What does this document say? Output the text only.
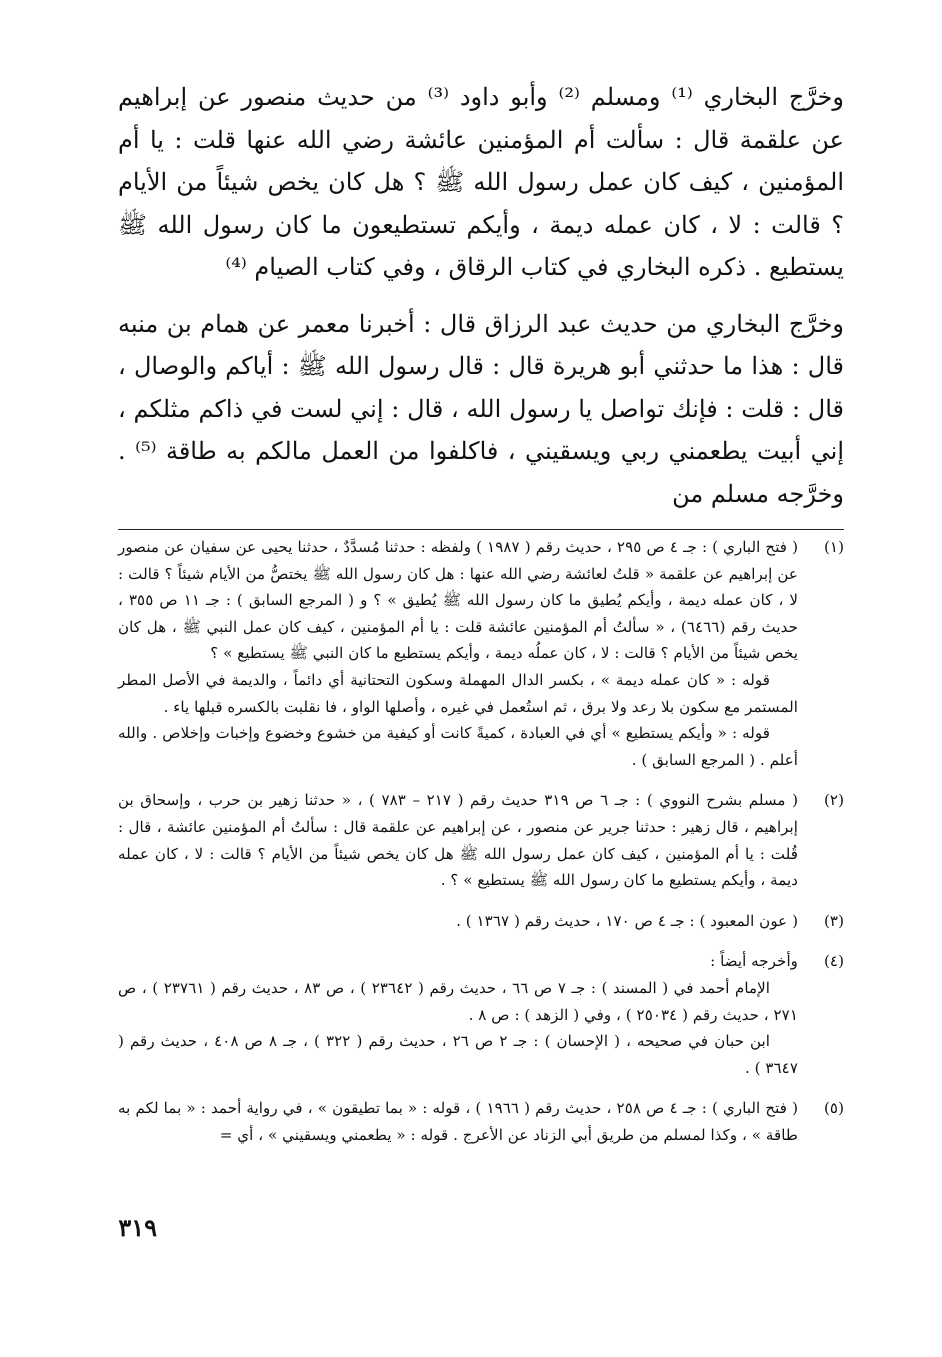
وخرَّج البخاري ⁽¹⁾ ومسلم ⁽²⁾ وأبو داود ⁽³⁾ من حديث منصور عن إبراهيم عن علقمة قال : سألت أم المؤمنين عائشة رضي الله عنها قلت : يا أم المؤمنين ، كيف كان عمل رسول الله ﷺ ؟ هل كان يخص شيئاً من الأيام ؟ قالت : لا ، كان عمله ديمة ، وأيكم تستطيعون ما كان رسول الله ﷺ يستطيع . ذكره البخاري في كتاب الرقاق ، وفي كتاب الصيام ⁽⁴⁾

وخرَّج البخاري من حديث عبد الرزاق قال : أخبرنا معمر عن همام بن منبه قال : هذا ما حدثني أبو هريرة قال : قال رسول الله ﷺ : أياكم والوصال ، قال : قلت : فإنك تواصل يا رسول الله ، قال : إني لست في ذاكم مثلكم ، إني أبيت يطعمني ربي ويسقيني ، فاكلفوا من العمل مالكم به طاقة ⁽⁵⁾ . وخرَّجه مسلم من

(١)

( فتح الباري ) : جـ ٤ ص ٢٩٥ ، حديث رقم ( ١٩٨٧ ) ولفظه : حدثنا مُسدَّدٌ ، حدثنا يحيى عن سفيان عن منصور عن إبراهيم عن علقمة « قلتُ لعائشة رضي الله عنها : هل كان رسول الله ﷺ يختصُّ من الأيام شيئاً ؟ قالت : لا ، كان عمله ديمة ، وأيكم يُطيق ما كان رسول الله ﷺ يُطيق » ؟ و ( المرجع السابق ) : جـ ١١ ص ٣٥٥ ، حديث رقم (٦٤٦٦) ، « سألتُ أم المؤمنين عائشة قلت : يا أم المؤمنين ، كيف كان عمل النبي ﷺ ، هل كان يخص شيئاً من الأيام ؟ قالت : لا ، كان عملُه ديمة ، وأيكم يستطيع ما كان النبي ﷺ يستطيع » ؟

قوله : « كان عمله ديمة » ، بكسر الدال المهملة وسكون التحتانية أي دائماً ، والديمة في الأصل المطر المستمر مع سكون بلا رعد ولا برق ، ثم استُعمل في غيره ، وأصلها الواو ، فا نقلبت بالكسره قبلها ياء .

قوله : « وأيكم يستطيع » أي في العبادة ، كميةً كانت أو كيفية من خشوع وخضوع وإخبات وإخلاص . والله أعلم . ( المرجع السابق ) .

(٢)

( مسلم بشرح النووي ) : جـ ٦ ص ٣١٩ حديث رقم ( ٢١٧ – ٧٨٣ ) ، « حدثنا زهير بن حرب ، وإسحاق بن إبراهيم ، قال زهير : حدثنا جرير عن منصور ، عن إبراهيم عن علقمة قال : سألتُ أم المؤمنين عائشة ، قال : قُلت : يا أم المؤمنين ، كيف كان عمل رسول الله ﷺ هل كان يخص شيئاً من الأيام ؟ قالت : لا ، كان عمله ديمة ، وأيكم يستطيع ما كان رسول الله ﷺ يستطيع » ؟ .

(٣)

( عون المعبود ) : جـ ٤ ص ١٧٠ ، حديث رقم ( ١٣٦٧ ) .

(٤)

وأخرجه أيضاً :

الإمام أحمد في ( المسند ) : جـ ٧ ص ٦٦ ، حديث رقم ( ٢٣٦٤٢ ) ، ص ٨٣ ، حديث رقم ( ٢٣٧٦١ ) ، ص ٢٧١ ، حديث رقم ( ٢٥٠٣٤ ) ، وفي ( الزهد ) : ص ٨ .

ابن حبان في صحيحه ، ( الإحسان ) : جـ ٢ ص ٢٦ ، حديث رقم ( ٣٢٢ ) ، جـ ٨ ص ٤٠٨ ، حديث رقم ( ٣٦٤٧ ) .

(٥)

( فتح الباري ) : جـ ٤ ص ٢٥٨ ، حديث رقم ( ١٩٦٦ ) ، قوله : « بما تطيقون » ، في رواية أحمد : « بما لكم به طاقة » ، وكذا لمسلم من طريق أبي الزناد عن الأعرج . قوله : « يطعمني ويسقيني » ، أي =

٣١٩
